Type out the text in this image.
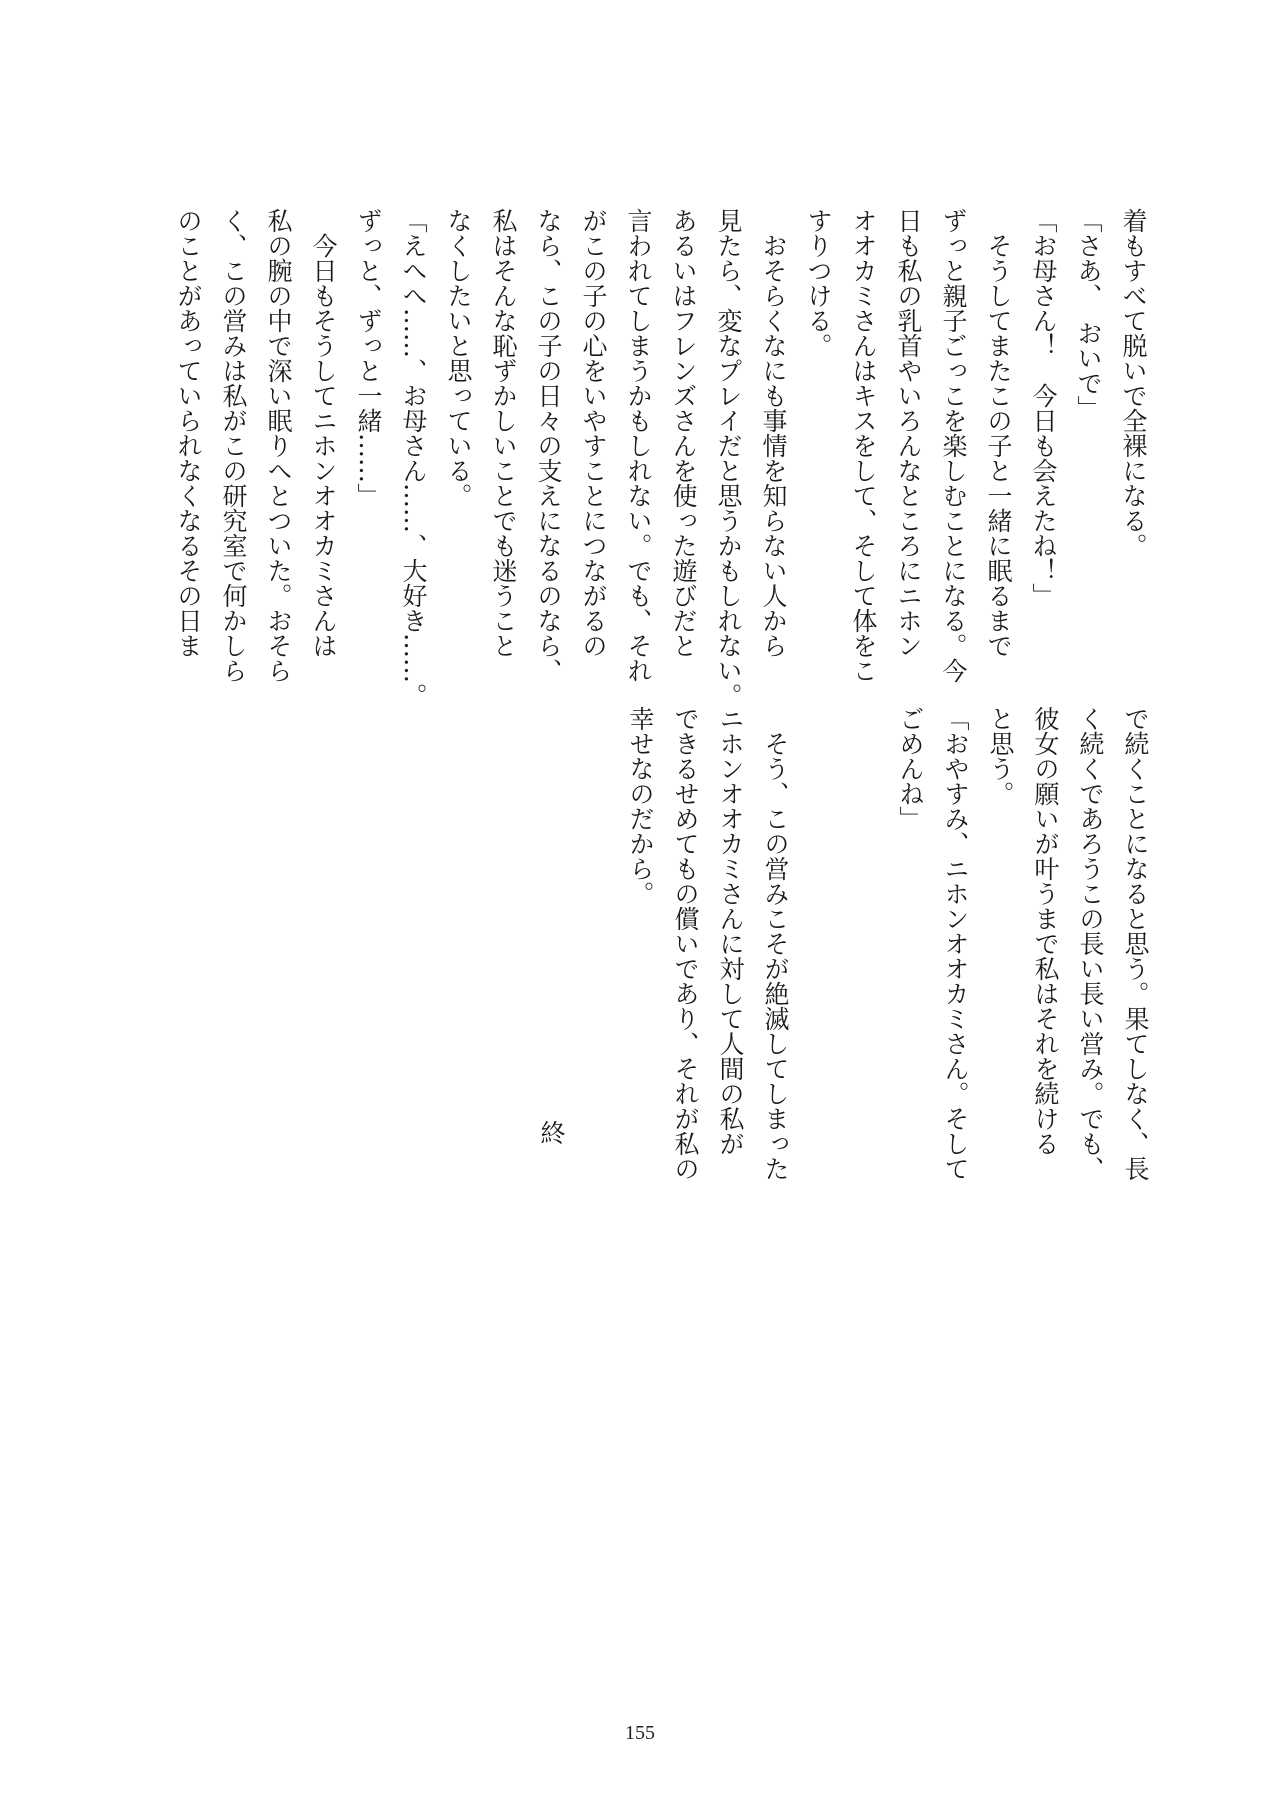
着もすべて脱いで全裸になる。
「さあ、　おいで」
「お母さん！　今日も会えたね！」
　そうしてまたこの子と一緒に眠るまで
ずっと親子ごっこを楽しむことになる。今
日も私の乳首やいろんなところにニホン
オオカミさんはキスをして、そして体をこ
すりつける。
　おそらくなにも事情を知らない人から
見たら、変なプレイだと思うかもしれない。
あるいはフレンズさんを使った遊びだと
言われてしまうかもしれない。でも、それ
がこの子の心をいやすことにつながるの
なら、この子の日々の支えになるのなら、
私はそんな恥ずかしいことでも迷うこと
なくしたいと思っている。
「えへへ……、お母さん……、大好き……。
ずっと、ずっと一緒……」
　今日もそうしてニホンオオカミさんは
私の腕の中で深い眠りへとついた。おそら
く、この営みは私がこの研究室で何かしら
のことがあっていられなくなるその日ま
で続くことになると思う。果てしなく、長
く続くであろうこの長い長い営み。でも、
彼女の願いが叶うまで私はそれを続ける
と思う。
「おやすみ、ニホンオオカミさん。そして
ごめんね」
　そう、この営みこそが絶滅してしまった
ニホンオオカミさんに対して人間の私が
できるせめてもの償いであり、それが私の
幸せなのだから。
終
155
